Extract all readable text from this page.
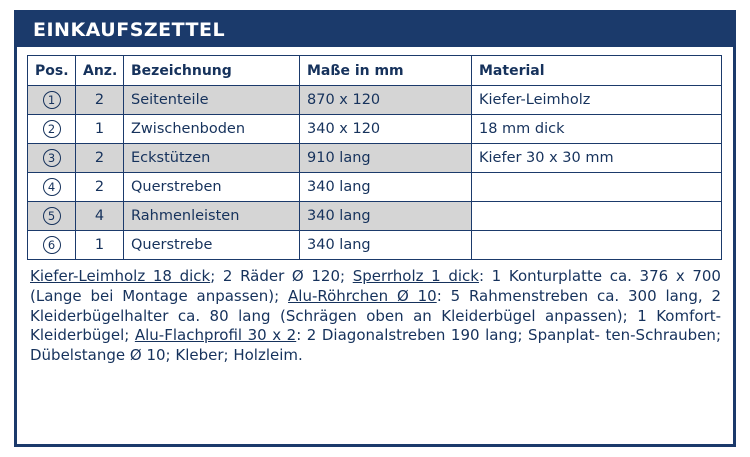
EINKAUFSZETTEL
Pos.	Anz.	Bezeichnung	Maße in mm	Material
1	2	Seitenteile	870 x 120	Kiefer-Leimholz
2	1	Zwischenboden	340 x 120	18 mm dick
3	2	Eckstützen	910 lang	Kiefer 30 x 30 mm
4	2	Querstreben	340 lang	
5	4	Rahmenleisten	340 lang	
6	1	Querstrebe	340 lang	
Kiefer-Leimholz 18 dick; 2 Räder Ø 120; Sperrholz 1 dick: 1 Konturplatte ca. 376 x 700 (Lange bei Montage anpassen); Alu-Röhrchen Ø 10: 5 Rahmenstreben ca. 300 lang, 2 Kleiderbügelhalter ca. 80 lang (Schrägen oben an Kleiderbügel anpassen); 1 Komfort-Kleiderbügel; Alu-Flachprofil 30 x 2: 2 Diagonalstreben 190 lang; Spanplat- ten-Schrauben; Dübelstange Ø 10; Kleber; Holzleim.
